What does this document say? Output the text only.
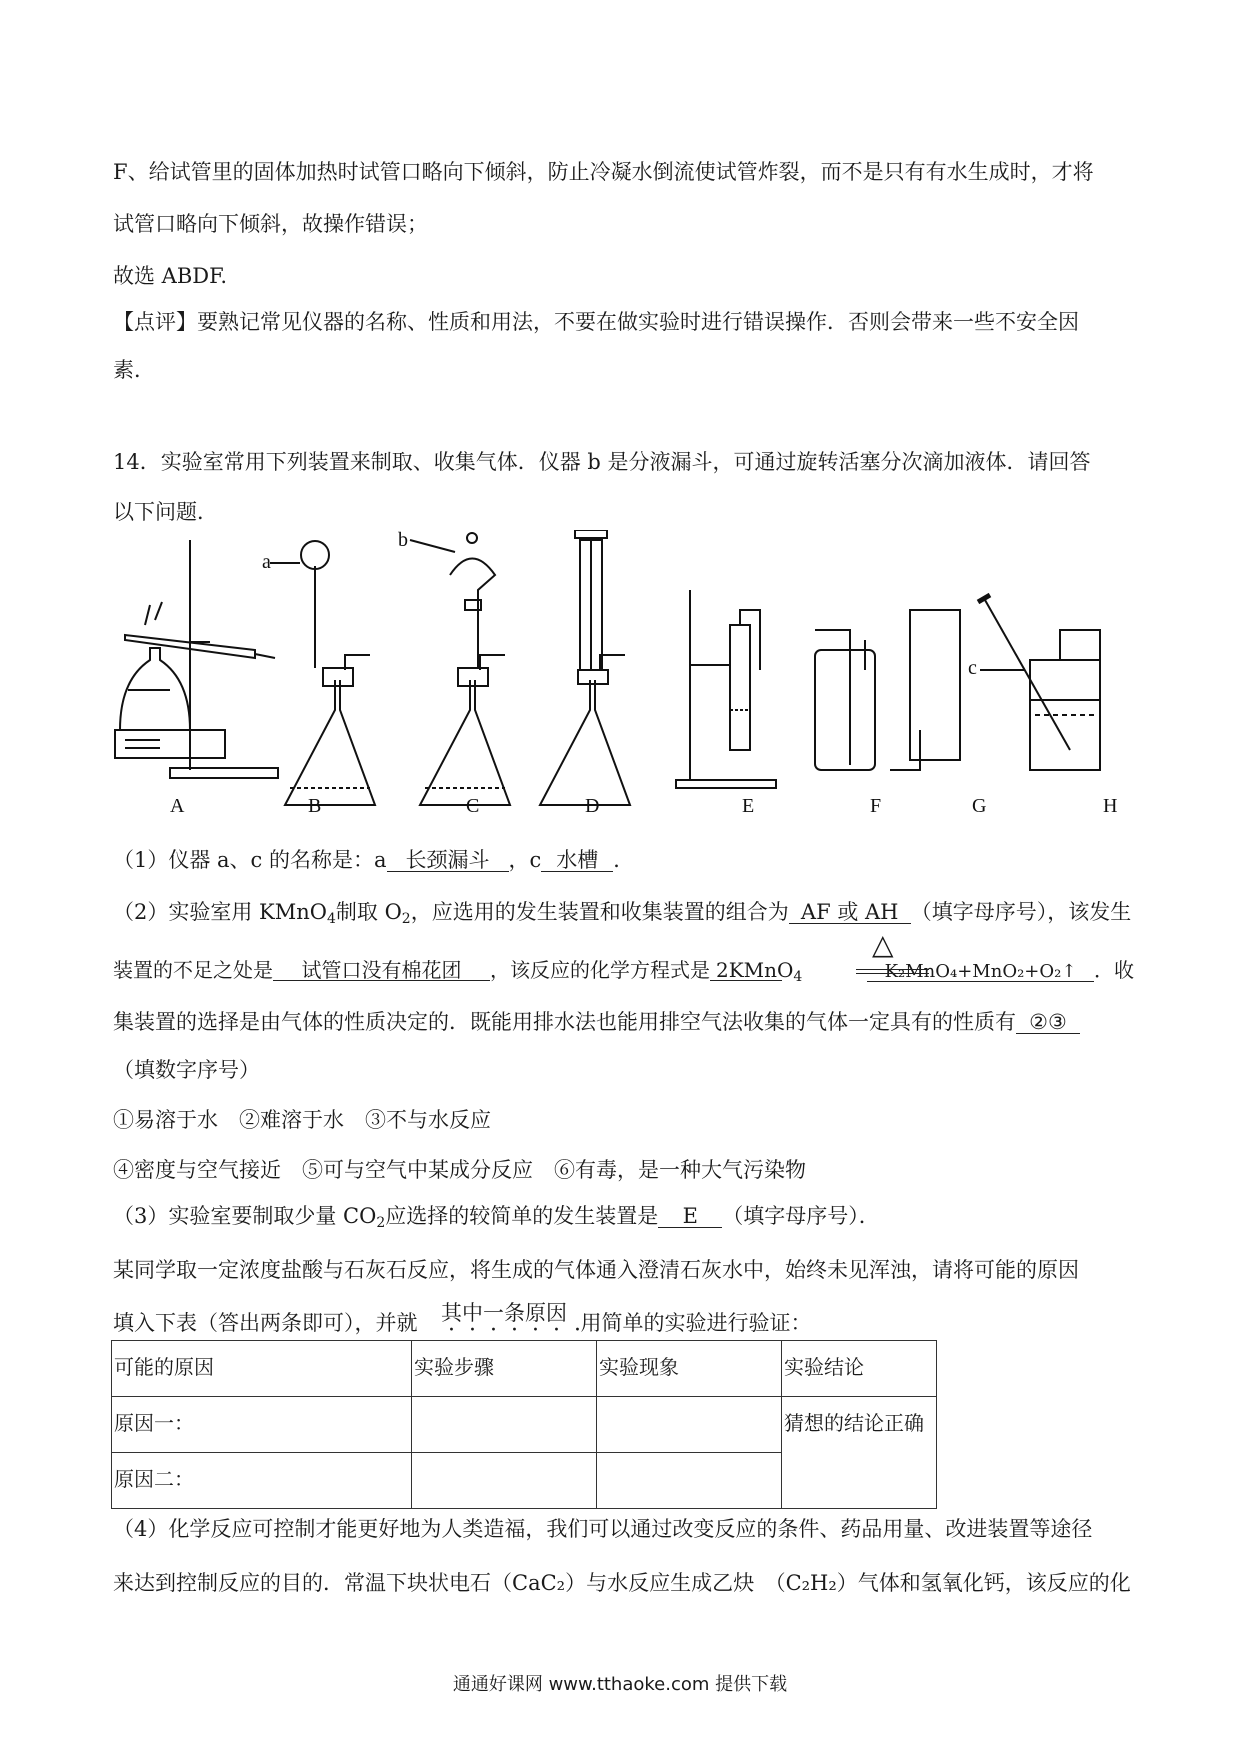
F、给试管里的固体加热时试管口略向下倾斜，防止冷凝水倒流使试管炸裂，而不是只有有水生成时，才将
试管口略向下倾斜，故操作错误；
故选 ABDF.
【点评】要熟记常见仪器的名称、性质和用法，不要在做实验时进行错误操作．否则会带来一些不安全因
素．
14．实验室常用下列装置来制取、收集气体．仪器 b 是分液漏斗，可通过旋转活塞分次滴加液体．请回答
以下问题．
a
b
c
A	B	C	D	E	F	G	H
（1）仪器 a、c 的名称是：a 长颈漏斗 ，c 水槽 ．
（2）实验室用 KMnO4制取 O2，应选用的发生装置和收集装置的组合为 AF 或 AH （填字母序号），该发生
装置的不足之处是 试管口没有棉花团 ，该反应的化学方程式是 2KMnO$_4$	K₂MnO₄+MnO₂+O₂↑ ．收
△
集装置的选择是由气体的性质决定的．既能用排水法也能用排空气法收集的气体一定具有的性质有 ②③
（填数字序号）
①易溶于水　②难溶于水　③不与水反应
④密度与空气接近　⑤可与空气中某成分反应　⑥有毒，是一种大气污染物
（3）实验室要制取少量 CO2应选择的较简单的发生装置是 E （填字母序号）．
某同学取一定浓度盐酸与石灰石反应，将生成的气体通入澄清石灰水中，始终未见浑浊，请将可能的原因
其中一条原因
·······
填入下表（答出两条即可），并就	用简单的实验进行验证：
可能的原因	实验步骤	实验现象	实验结论
原因一：			猜想的结论正确
原因二：			
（4）化学反应可控制才能更好地为人类造福，我们可以通过改变反应的条件、药品用量、改进装置等途径
来达到控制反应的目的．常温下块状电石（CaC₂）与水反应生成乙炔　（C₂H₂）气体和氢氧化钙，该反应的化
通通好课网 www.tthaoke.com 提供下载
